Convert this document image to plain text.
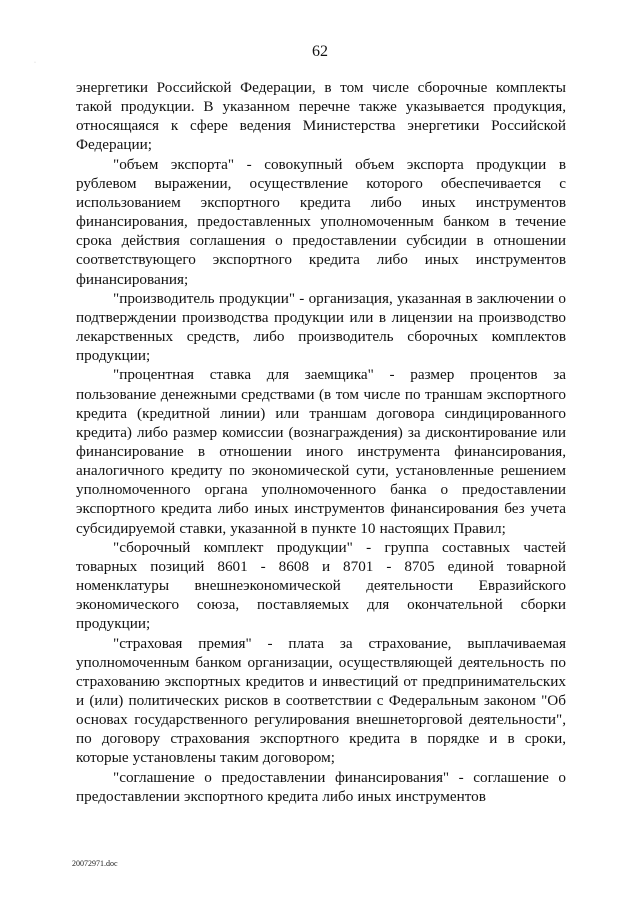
62
·

энергетики Российской Федерации, в том числе сборочные комплекты такой продукции. В указанном перечне также указывается продукция, относящаяся к сфере ведения Министерства энергетики Российской Федерации;

"объем экспорта" - совокупный объем экспорта продукции в рублевом выражении, осуществление которого обеспечивается с использованием экспортного кредита либо иных инструментов финансирования, предоставленных уполномоченным банком в течение срока действия соглашения о предоставлении субсидии в отношении соответствующего экспортного кредита либо иных инструментов финансирования;

"производитель продукции" - организация, указанная в заключении о подтверждении производства продукции или в лицензии на производство лекарственных средств, либо производитель сборочных комплектов продукции;

"процентная ставка для заемщика" - размер процентов за пользование денежными средствами (в том числе по траншам экспортного кредита (кредитной линии) или траншам договора синдицированного кредита) либо размер комиссии (вознаграждения) за дисконтирование или финансирование в отношении иного инструмента финансирования, аналогичного кредиту по экономической сути, установленные решением уполномоченного органа уполномоченного банка о предоставлении экспортного кредита либо иных инструментов финансирования без учета субсидируемой ставки, указанной в пункте 10 настоящих Правил;

"сборочный комплект продукции" - группа составных частей товарных позиций 8601 - 8608 и 8701 - 8705 единой товарной номенклатуры внешнеэкономической деятельности Евразийского экономического союза, поставляемых для окончательной сборки продукции;

"страховая премия" - плата за страхование, выплачиваемая уполномоченным банком организации, осуществляющей деятельность по страхованию экспортных кредитов и инвестиций от предпринимательских и (или) политических рисков в соответствии с Федеральным законом "Об основах государственного регулирования внешнеторговой деятельности", по договору страхования экспортного кредита в порядке и в сроки, которые установлены таким договором;

"соглашение о предоставлении финансирования" - соглашение о предоставлении экспортного кредита либо иных инструментов

20072971.doc
